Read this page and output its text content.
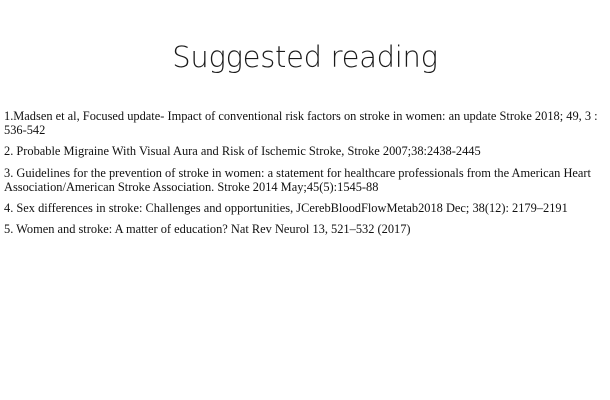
Suggested reading
1.Madsen et al, Focused update- Impact of conventional risk factors on stroke in women: an update Stroke 2018; 49, 3 : 536-542
2. Probable Migraine With Visual Aura and Risk of Ischemic Stroke, Stroke 2007;38:2438-2445
3. Guidelines for the prevention of stroke in women: a statement for healthcare professionals from the American Heart Association/American Stroke Association. Stroke 2014 May;45(5):1545-88
4. Sex differences in stroke: Challenges and opportunities, JCerebBloodFlowMetab2018 Dec; 38(12): 2179–2191
5. Women and stroke: A matter of education? Nat Rev Neurol 13, 521–532 (2017)
